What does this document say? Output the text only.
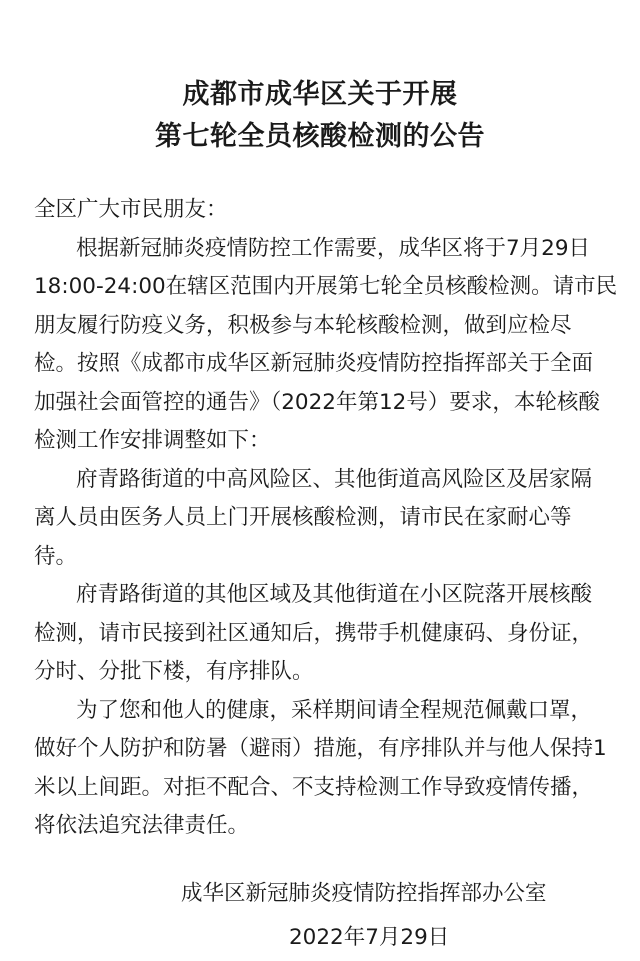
成都市成华区关于开展
第七轮全员核酸检测的公告
全区广大市民朋友：
根据新冠肺炎疫情防控工作需要，成华区将于7月29日
18:00-24:00在辖区范围内开展第七轮全员核酸检测。请市民
朋友履行防疫义务，积极参与本轮核酸检测，做到应检尽
检。按照《成都市成华区新冠肺炎疫情防控指挥部关于全面
加强社会面管控的通告》（2022年第12号）要求，本轮核酸
检测工作安排调整如下：
府青路街道的中高风险区、其他街道高风险区及居家隔
离人员由医务人员上门开展核酸检测，请市民在家耐心等
待。
府青路街道的其他区域及其他街道在小区院落开展核酸
检测，请市民接到社区通知后，携带手机健康码、身份证，
分时、分批下楼，有序排队。
为了您和他人的健康，采样期间请全程规范佩戴口罩，
做好个人防护和防暑（避雨）措施，有序排队并与他人保持1
米以上间距。对拒不配合、不支持检测工作导致疫情传播，
将依法追究法律责任。
成华区新冠肺炎疫情防控指挥部办公室
2022年7月29日
